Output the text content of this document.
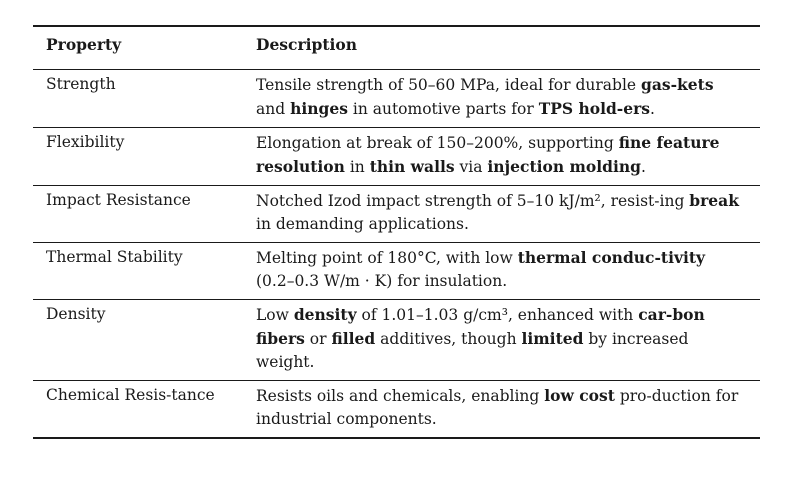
Property	Description
Strength	Tensile strength of 50–60 MPa, ideal for durable gas-kets and hinges in automotive parts for TPS hold-ers.
Flexibility	Elongation at break of 150–200%, supporting fine feature resolution in thin walls via injection molding.
Impact Resistance	Notched Izod impact strength of 5–10 kJ/m², resist-ing break in demanding applications.
Thermal Stability	Melting point of 180°C, with low thermal conduc-tivity (0.2–0.3 W/m · K) for insulation.
Density	Low density of 1.01–1.03 g/cm³, enhanced with car-bon fibers or filled additives, though limited by increased weight.
Chemical Resis-tance	Resists oils and chemicals, enabling low cost pro-duction for industrial components.
